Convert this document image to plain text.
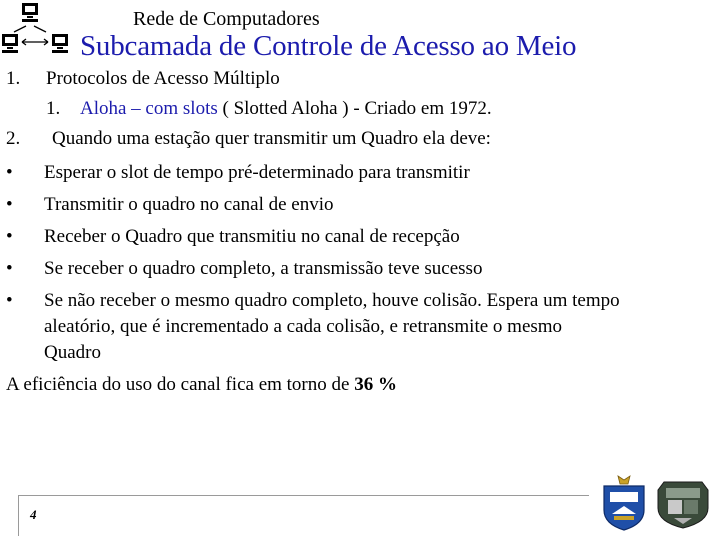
Rede de Computadores
Subcamada de Controle de Acesso ao Meio
1. Protocolos de Acesso Múltiplo
1. Aloha – com slots ( Slotted Aloha ) - Criado em 1972.
2. Quando uma estação quer transmitir um Quadro ela deve:
• Esperar o slot de tempo pré-determinado para transmitir
• Transmitir o quadro no canal de envio
• Receber o Quadro que transmitiu no canal de recepção
• Se receber o quadro completo, a transmissão teve sucesso
• Se não receber o mesmo quadro completo, houve colisão. Espera um tempo
aleatório, que é incrementado a cada colisão, e retransmite o mesmo
Quadro
A eficiência do uso do canal fica em torno de 36 %
4
